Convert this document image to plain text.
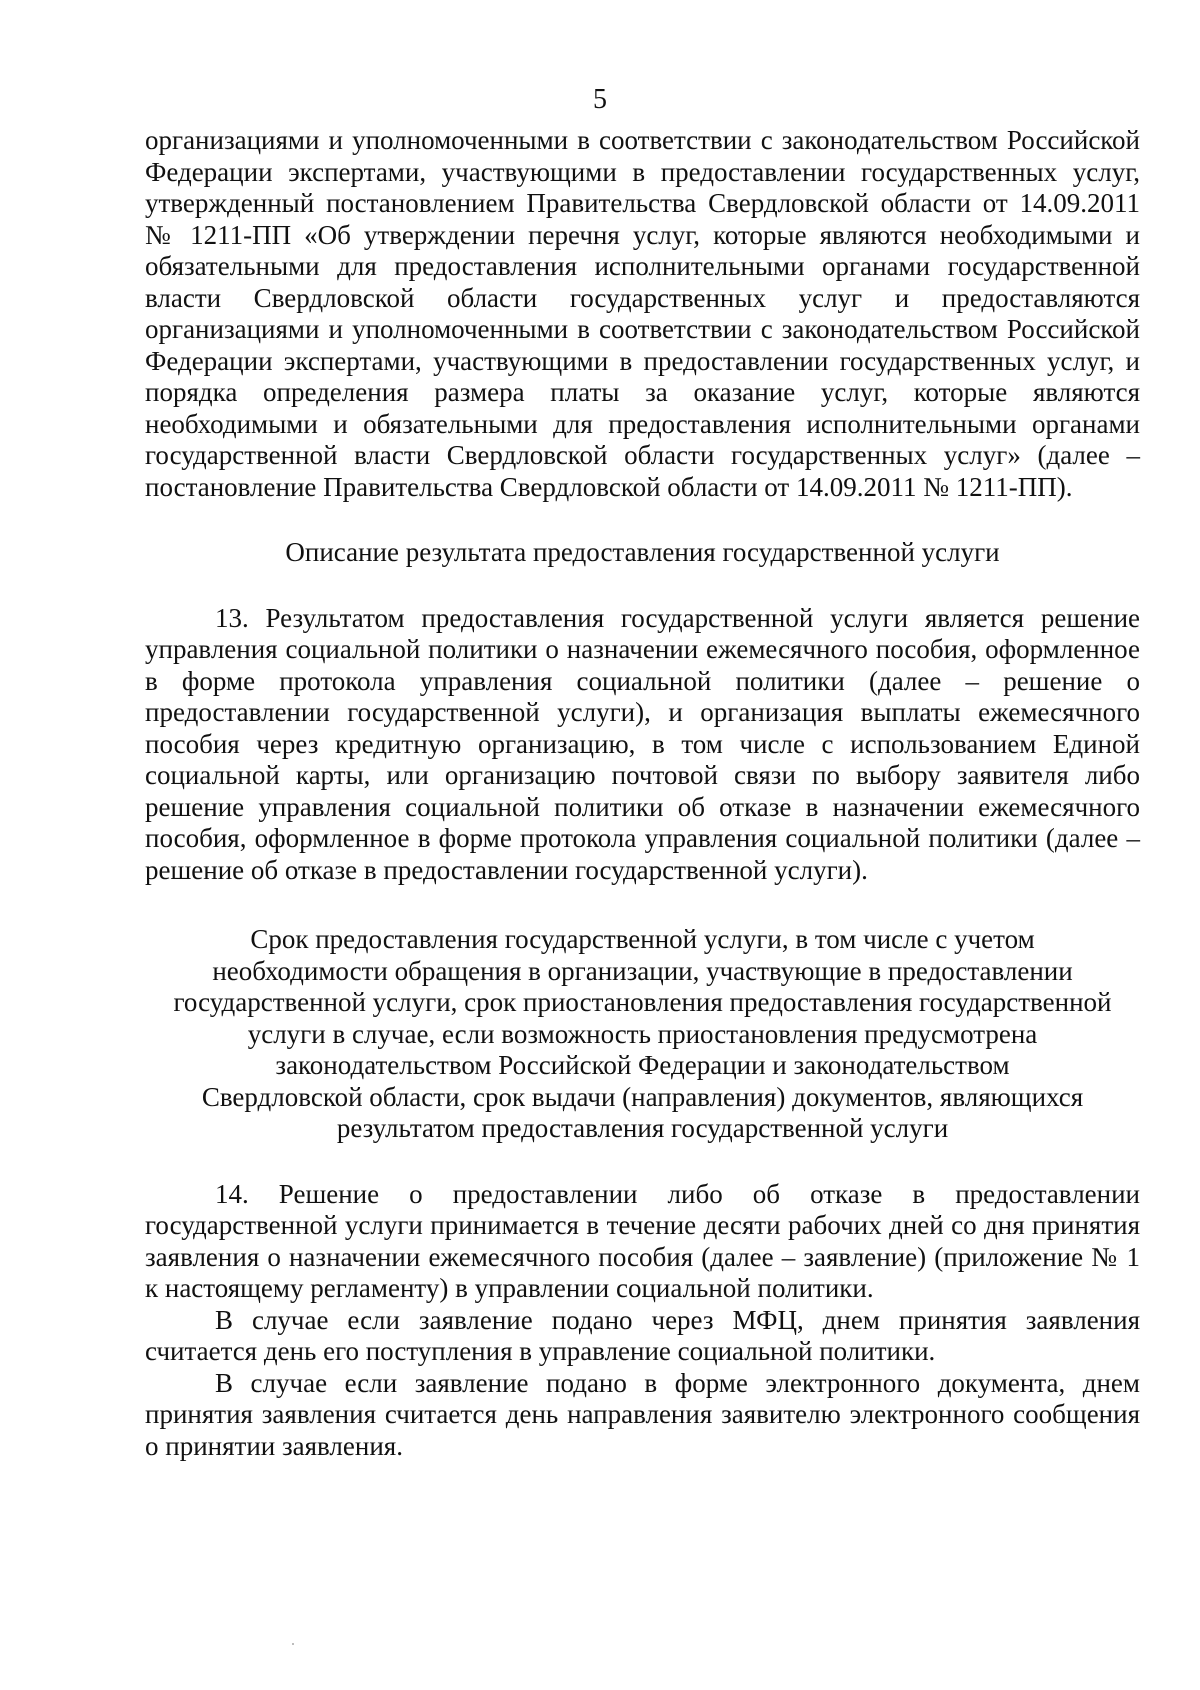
5

организациями и уполномоченными в соответствии с законодательством Российской Федерации экспертами, участвующими в предоставлении государственных услуг, утвержденный постановлением Правительства Свердловской области от 14.09.2011 № 1211-ПП «Об утверждении перечня услуг, которые являются необходимыми и обязательными для предоставления исполнительными органами государственной власти Свердловской области государственных услуг и предоставляются организациями и уполномоченными в соответствии с законодательством Российской Федерации экспертами, участвующими в предоставлении государственных услуг, и порядка определения размера платы за оказание услуг, которые являются необходимыми и обязательными для предоставления исполнительными органами государственной власти Свердловской области государственных услуг» (далее – постановление Правительства Свердловской области от 14.09.2011 № 1211-ПП).

Описание результата предоставления государственной услуги

13. Результатом предоставления государственной услуги является решение управления социальной политики о назначении ежемесячного пособия, оформленное в форме протокола управления социальной политики (далее – решение о предоставлении государственной услуги), и организация выплаты ежемесячного пособия через кредитную организацию, в том числе с использованием Единой социальной карты, или организацию почтовой связи по выбору заявителя либо решение управления социальной политики об отказе в назначении ежемесячного пособия, оформленное в форме протокола управления социальной политики (далее – решение об отказе в предоставлении государственной услуги).

Срок предоставления государственной услуги, в том числе с учетом
необходимости обращения в организации, участвующие в предоставлении
государственной услуги, срок приостановления предоставления государственной
услуги в случае, если возможность приостановления предусмотрена
законодательством Российской Федерации и законодательством
Свердловской области, срок выдачи (направления) документов, являющихся
результатом предоставления государственной услуги

14. Решение о предоставлении либо об отказе в предоставлении государственной услуги принимается в течение десяти рабочих дней со дня принятия заявления о назначении ежемесячного пособия (далее – заявление) (приложение № 1 к настоящему регламенту) в управлении социальной политики.

В случае если заявление подано через МФЦ, днем принятия заявления считается день его поступления в управление социальной политики.

В случае если заявление подано в форме электронного документа, днем принятия заявления считается день направления заявителю электронного сообщения о принятии заявления.
